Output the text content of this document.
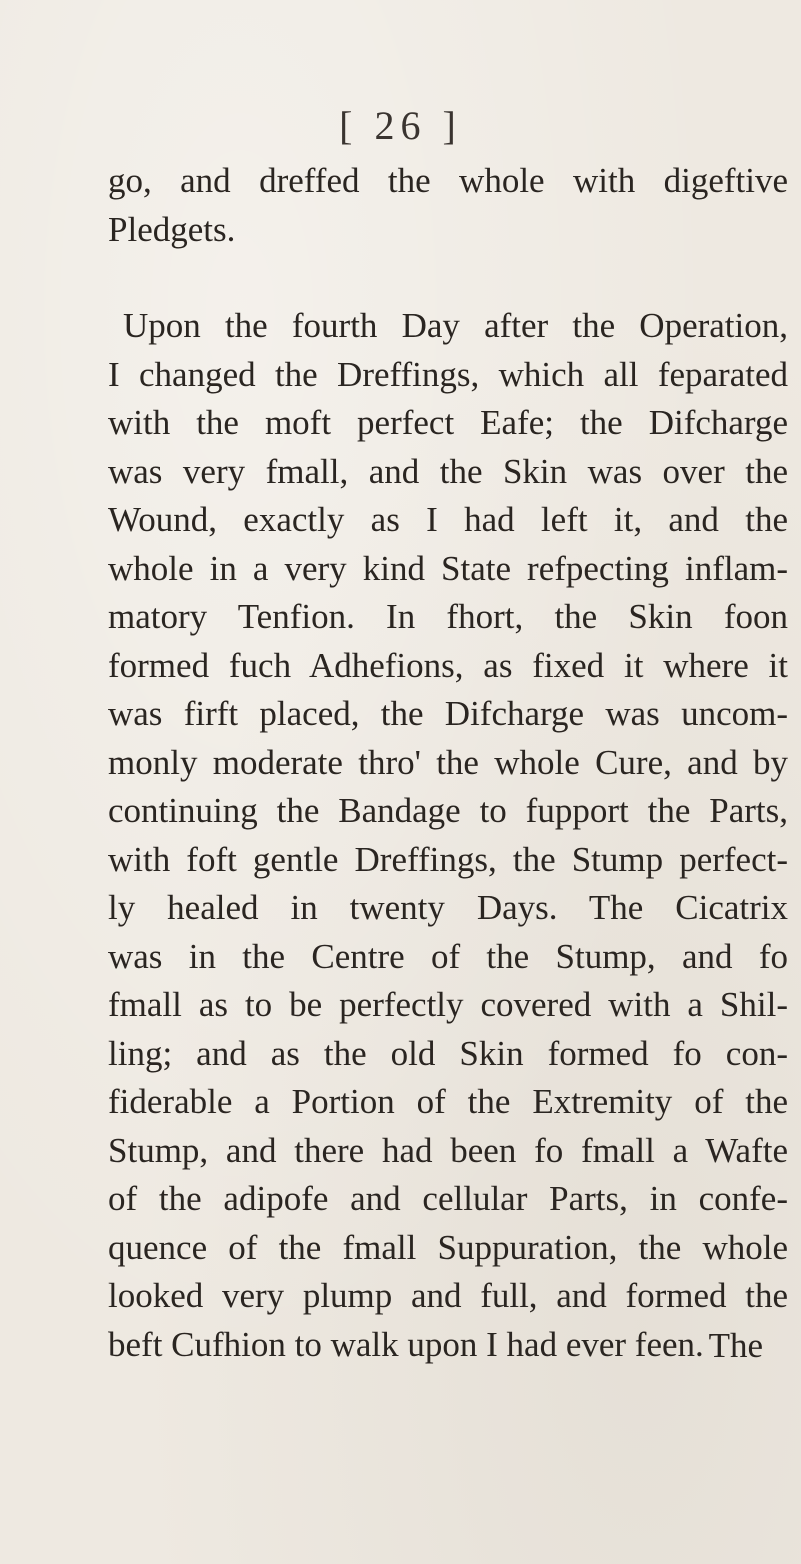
[ 26 ]
go, and dreffed the whole with digeftive
Pledgets.
Upon the fourth Day after the Operation,
I changed the Dreffings, which all feparated
with the moft perfect Eafe; the Difcharge
was very fmall, and the Skin was over the
Wound, exactly as I had left it, and the
whole in a very kind State refpecting inflam-
matory Tenfion. In fhort, the Skin foon
formed fuch Adhefions, as fixed it where it
was firft placed, the Difcharge was uncom-
monly moderate thro' the whole Cure, and by
continuing the Bandage to fupport the Parts,
with foft gentle Dreffings, the Stump perfect-
ly healed in twenty Days. The Cicatrix
was in the Centre of the Stump, and fo
fmall as to be perfectly covered with a Shil-
ling; and as the old Skin formed fo con-
fiderable a Portion of the Extremity of the
Stump, and there had been fo fmall a Wafte
of the adipofe and cellular Parts, in confe-
quence of the fmall Suppuration, the whole
looked very plump and full, and formed the
beft Cufhion to walk upon I had ever feen. The
